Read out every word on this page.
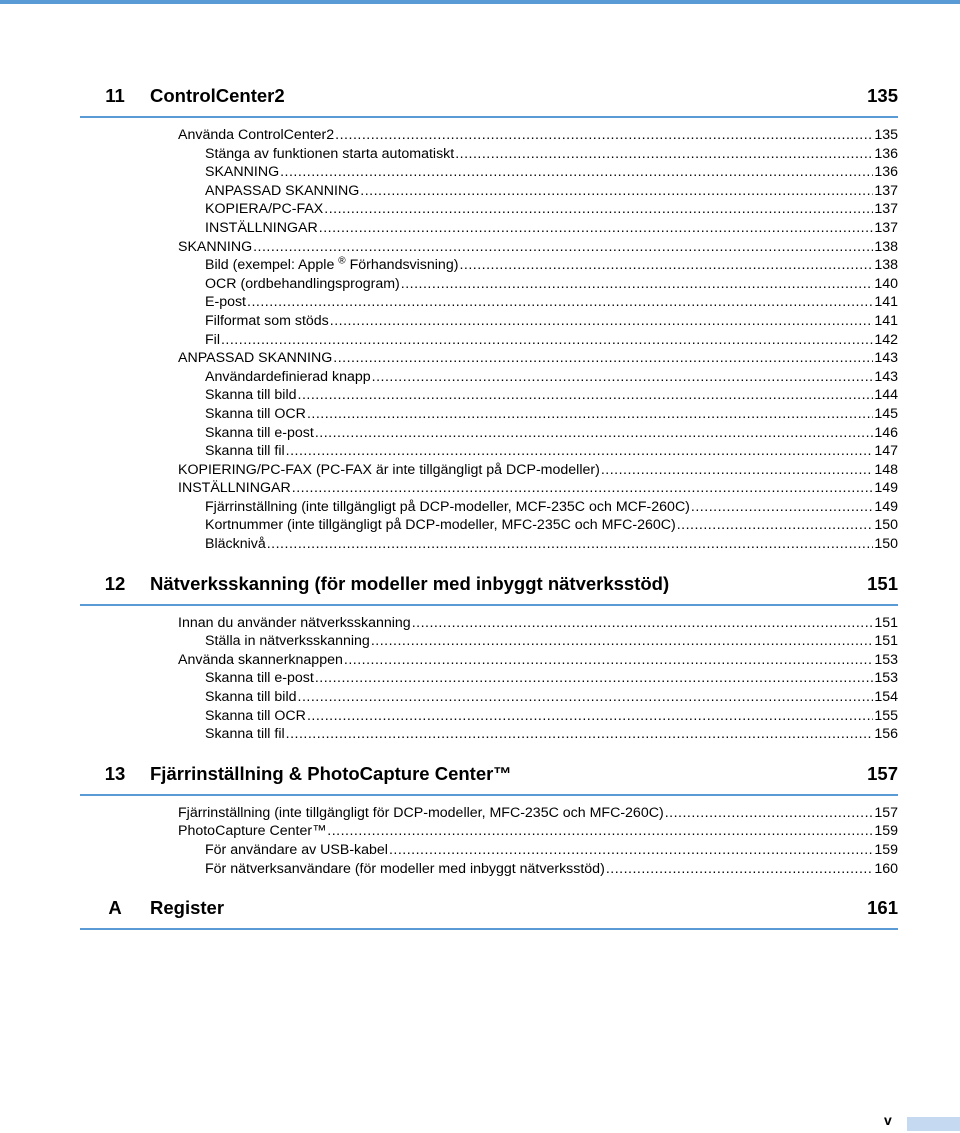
11	ControlCenter2	135
Använda ControlCenter2 .....	135
Stänga av funktionen starta automatiskt .....	136
SKANNING .....	136
ANPASSAD SKANNING .....	137
KOPIERA/PC-FAX .....	137
INSTÄLLNINGAR .....	137
SKANNING .....	138
Bild (exempel: Apple ® Förhandsvisning) .....	138
OCR (ordbehandlingsprogram) .....	140
E-post .....	141
Filformat som stöds .....	141
Fil .....	142
ANPASSAD SKANNING .....	143
Användardefinierad knapp .....	143
Skanna till bild .....	144
Skanna till OCR .....	145
Skanna till e-post .....	146
Skanna till fil .....	147
KOPIERING/PC-FAX (PC-FAX är inte tillgängligt på DCP-modeller) .....	148
INSTÄLLNINGAR .....	149
Fjärrinställning (inte tillgängligt på DCP-modeller, MCF-235C och MCF-260C) .....	149
Kortnummer (inte tillgängligt på DCP-modeller, MFC-235C och MFC-260C) .....	150
Bläcknivå .....	150
12	Nätverksskanning (för modeller med inbyggt nätverksstöd)	151
Innan du använder nätverksskanning .....	151
Ställa in nätverksskanning .....	151
Använda skannerknappen .....	153
Skanna till e-post .....	153
Skanna till bild .....	154
Skanna till OCR .....	155
Skanna till fil .....	156
13	Fjärrinställning & PhotoCapture Center™	157
Fjärrinställning (inte tillgängligt för DCP-modeller, MFC-235C och MFC-260C) .....	157
PhotoCapture Center™ .....	159
För användare av USB-kabel .....	159
För nätverksanvändare (för modeller med inbyggt nätverksstöd) .....	160
A	Register	161
v
